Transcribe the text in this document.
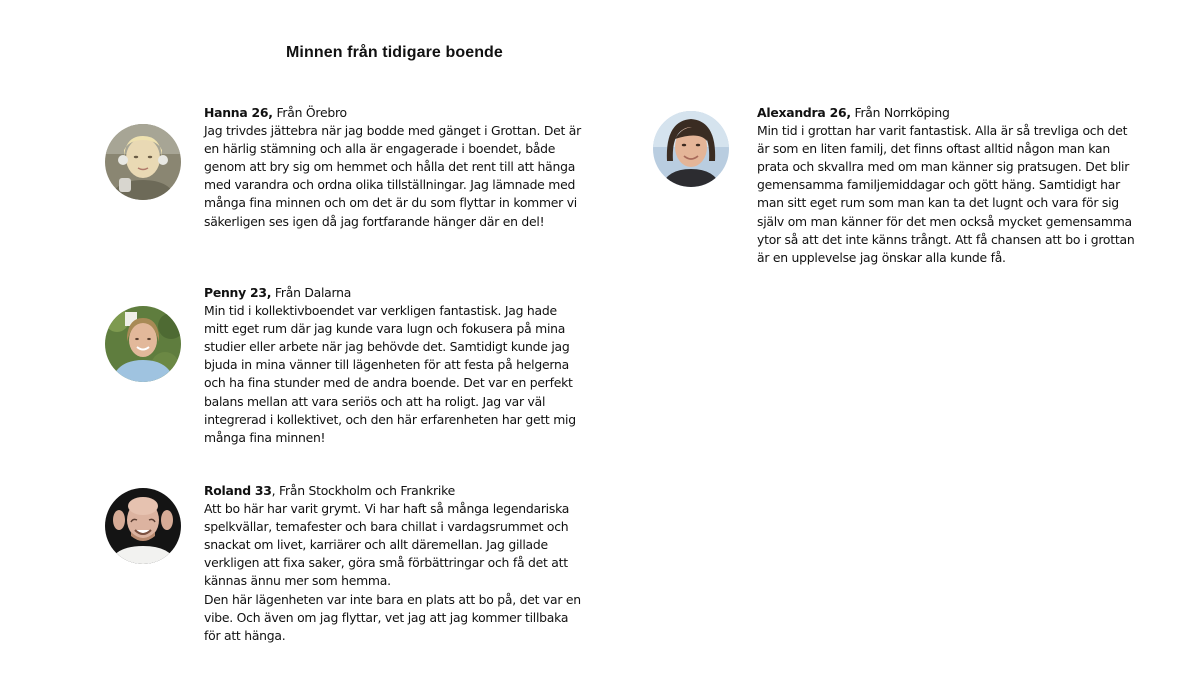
Minnen från tidigare boende
Hanna 26, Från Örebro

Jag trivdes jättebra när jag bodde med gänget i Grottan. Det är en härlig stämning och alla är engagerade i boendet, både genom att bry sig om hemmet och hålla det rent till att hänga med varandra och ordna olika tillställningar. Jag lämnade med många fina minnen och om det är du som flyttar in kommer vi säkerligen ses igen då jag fortfarande hänger där en del!

Penny 23, Från Dalarna

Min tid i kollektivboendet var verkligen fantastisk. Jag hade mitt eget rum där jag kunde vara lugn och fokusera på mina studier eller arbete när jag behövde det. Samtidigt kunde jag bjuda in mina vänner till lägenheten för att festa på helgerna och ha fina stunder med de andra boende. Det var en perfekt balans mellan att vara seriös och att ha roligt. Jag var väl integrerad i kollektivet, och den här erfarenheten har gett mig många fina minnen!

Roland 33, Från Stockholm och Frankrike

Att bo här har varit grymt. Vi har haft så många legendariska spelkvällar, temafester och bara chillat i vardagsrummet och snackat om livet, karriärer och allt däremellan. Jag gillade verkligen att fixa saker, göra små förbättringar och få det att kännas ännu mer som hemma.

Den här lägenheten var inte bara en plats att bo på, det var en vibe. Och även om jag flyttar, vet jag att jag kommer tillbaka för att hänga.

Alexandra 26, Från Norrköping

Min tid i grottan har varit fantastisk. Alla är så trevliga och det är som en liten familj, det finns oftast alltid någon man kan prata och skvallra med om man känner sig pratsugen. Det blir gemensamma familjemiddagar och gött häng. Samtidigt har man sitt eget rum som man kan ta det lugnt och vara för sig själv om man känner för det men också mycket gemensamma ytor så att det inte känns trångt. Att få chansen att bo i grottan är en upplevelse jag önskar alla kunde få.
